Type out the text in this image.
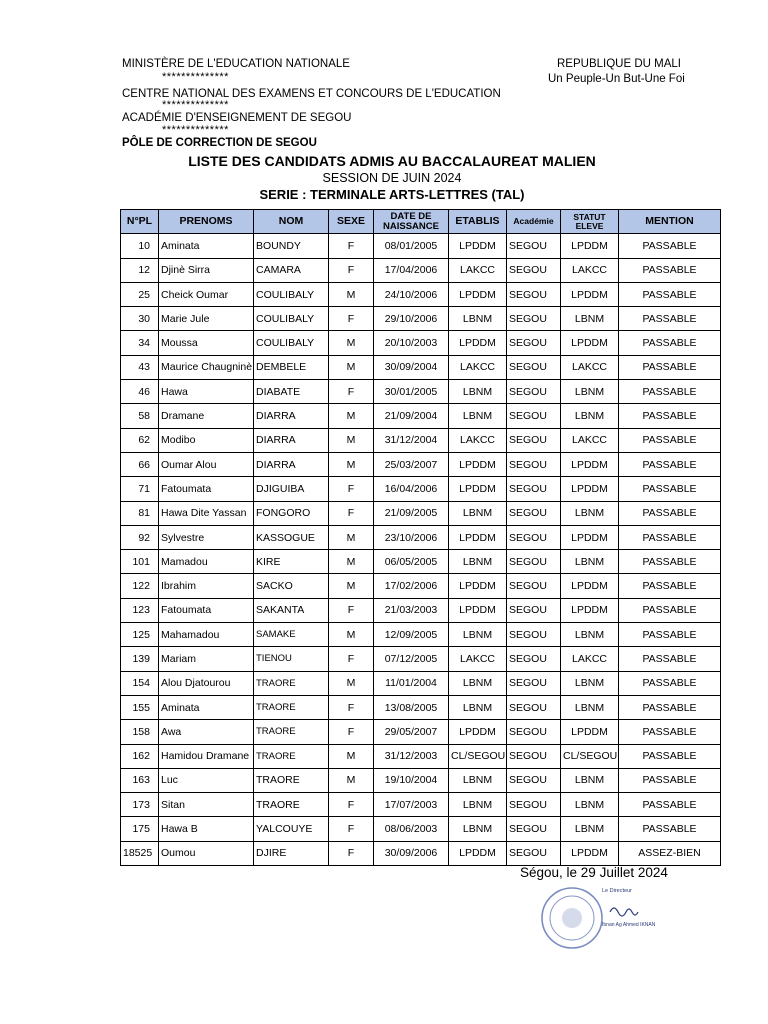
MINISTÈRE DE L'EDUCATION NATIONALE
**************
CENTRE NATIONAL DES EXAMENS ET CONCOURS DE L'EDUCATION
**************
ACADÉMIE D'ENSEIGNEMENT DE SEGOU
**************
PÔLE DE CORRECTION DE SEGOU
REPUBLIQUE DU MALI
Un Peuple-Un But-Une Foi
LISTE DES CANDIDATS ADMIS AU BACCALAUREAT MALIEN
SESSION DE JUIN 2024
SERIE : TERMINALE ARTS-LETTRES (TAL)
N°PL	PRENOMS	NOM	SEXE	DATE DE NAISSANCE	ETABLIS	Académie	STATUT ELEVE	MENTION
10	Aminata	BOUNDY	F	08/01/2005	LPDDM	SEGOU	LPDDM	PASSABLE
12	Djinè Sirra	CAMARA	F	17/04/2006	LAKCC	SEGOU	LAKCC	PASSABLE
25	Cheick Oumar	COULIBALY	M	24/10/2006	LPDDM	SEGOU	LPDDM	PASSABLE
30	Marie Jule	COULIBALY	F	29/10/2006	LBNM	SEGOU	LBNM	PASSABLE
34	Moussa	COULIBALY	M	20/10/2003	LPDDM	SEGOU	LPDDM	PASSABLE
43	Maurice Chaugninè	DEMBELE	M	30/09/2004	LAKCC	SEGOU	LAKCC	PASSABLE
46	Hawa	DIABATE	F	30/01/2005	LBNM	SEGOU	LBNM	PASSABLE
58	Dramane	DIARRA	M	21/09/2004	LBNM	SEGOU	LBNM	PASSABLE
62	Modibo	DIARRA	M	31/12/2004	LAKCC	SEGOU	LAKCC	PASSABLE
66	Oumar Alou	DIARRA	M	25/03/2007	LPDDM	SEGOU	LPDDM	PASSABLE
71	Fatoumata	DJIGUIBA	F	16/04/2006	LPDDM	SEGOU	LPDDM	PASSABLE
81	Hawa Dite Yassan	FONGORO	F	21/09/2005	LBNM	SEGOU	LBNM	PASSABLE
92	Sylvestre	KASSOGUE	M	23/10/2006	LPDDM	SEGOU	LPDDM	PASSABLE
101	Mamadou	KIRE	M	06/05/2005	LBNM	SEGOU	LBNM	PASSABLE
122	Ibrahim	SACKO	M	17/02/2006	LPDDM	SEGOU	LPDDM	PASSABLE
123	Fatoumata	SAKANTA	F	21/03/2003	LPDDM	SEGOU	LPDDM	PASSABLE
125	Mahamadou	SAMAKE	M	12/09/2005	LBNM	SEGOU	LBNM	PASSABLE
139	Mariam	TIENOU	F	07/12/2005	LAKCC	SEGOU	LAKCC	PASSABLE
154	Alou Djatourou	TRAORE	M	11/01/2004	LBNM	SEGOU	LBNM	PASSABLE
155	Aminata	TRAORE	F	13/08/2005	LBNM	SEGOU	LBNM	PASSABLE
158	Awa	TRAORE	F	29/05/2007	LPDDM	SEGOU	LPDDM	PASSABLE
162	Hamidou Dramane	TRAORE	M	31/12/2003	CL/SEGOU	SEGOU	CL/SEGOU	PASSABLE
163	Luc	TRAORE	M	19/10/2004	LBNM	SEGOU	LBNM	PASSABLE
173	Sitan	TRAORE	F	17/07/2003	LBNM	SEGOU	LBNM	PASSABLE
175	Hawa B	YALCOUYE	F	08/06/2003	LBNM	SEGOU	LBNM	PASSABLE
18525	Oumou	DJIRE	F	30/09/2006	LPDDM	SEGOU	LPDDM	ASSEZ-BIEN
Ségou, le 29 Juillet 2024
Le Directeur
Ibnan Ag Ahmed IKNAN
